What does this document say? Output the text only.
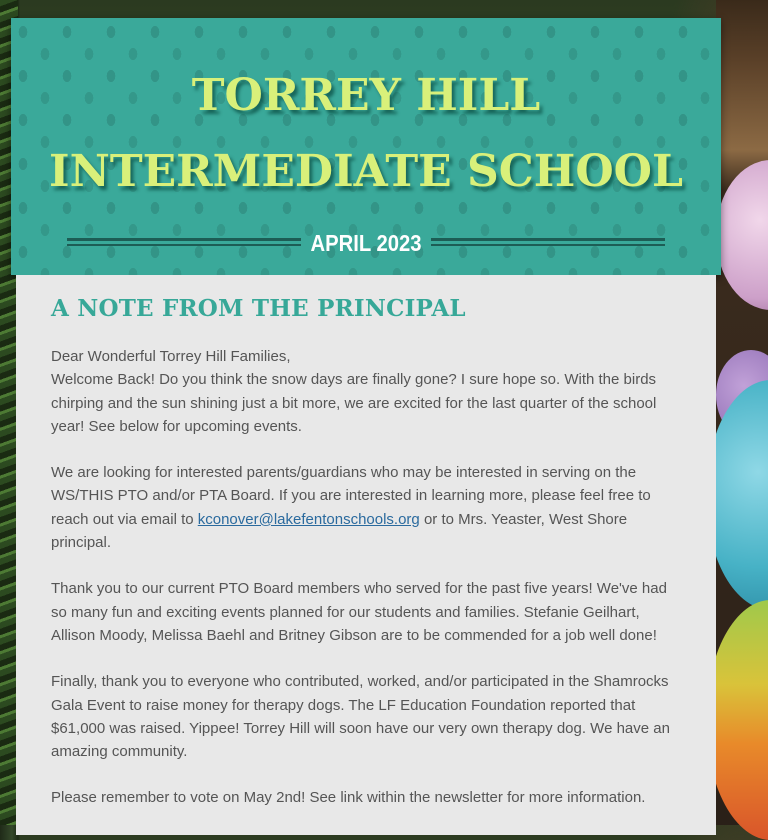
TORREY HILL
INTERMEDIATE SCHOOL
APRIL 2023
A NOTE FROM THE PRINCIPAL

Dear Wonderful Torrey Hill Families,

Welcome Back! Do you think the snow days are finally gone? I sure hope so. With the birds chirping and the sun shining just a bit more, we are excited for the last quarter of the school year! See below for upcoming events.

We are looking for interested parents/guardians who may be interested in serving on the WS/THIS PTO and/or PTA Board. If you are interested in learning more, please feel free to reach out via email to kconover@lakefentonschools.org or to Mrs. Yeaster, West Shore principal.

Thank you to our current PTO Board members who served for the past five years! We've had so many fun and exciting events planned for our students and families. Stefanie Geilhart, Allison Moody, Melissa Baehl and Britney Gibson are to be commended for a job well done!

Finally, thank you to everyone who contributed, worked, and/or participated in the Shamrocks Gala Event to raise money for therapy dogs. The LF Education Foundation reported that $61,000 was raised. Yippee! Torrey Hill will soon have our very own therapy dog. We have an amazing community.

Please remember to vote on May 2nd! See link within the newsletter for more information.
